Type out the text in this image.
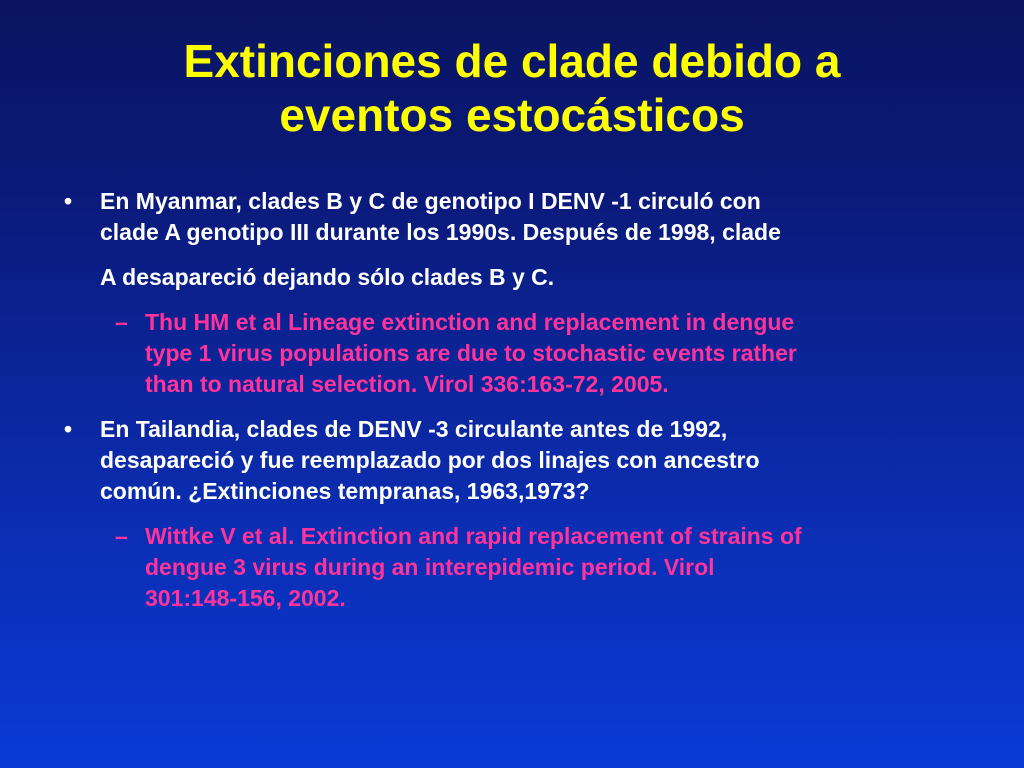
Extinciones de clade debido a
eventos estocásticos
• En Myanmar, clades B y C de genotipo I DENV -1 circuló con
clade A genotipo III durante los 1990s. Después de 1998, clade
A desapareció dejando sólo clades B y C.
– Thu HM et al Lineage extinction and replacement in dengue
type 1 virus populations are due to stochastic events rather
than to natural selection. Virol 336:163-72, 2005.
• En Tailandia, clades de DENV -3 circulante antes de 1992,
desapareció y fue reemplazado por dos linajes con ancestro
común. ¿Extinciones tempranas, 1963,1973?
– Wittke V et al. Extinction and rapid replacement of strains of
dengue 3 virus during an interepidemic period. Virol
301:148-156, 2002.
